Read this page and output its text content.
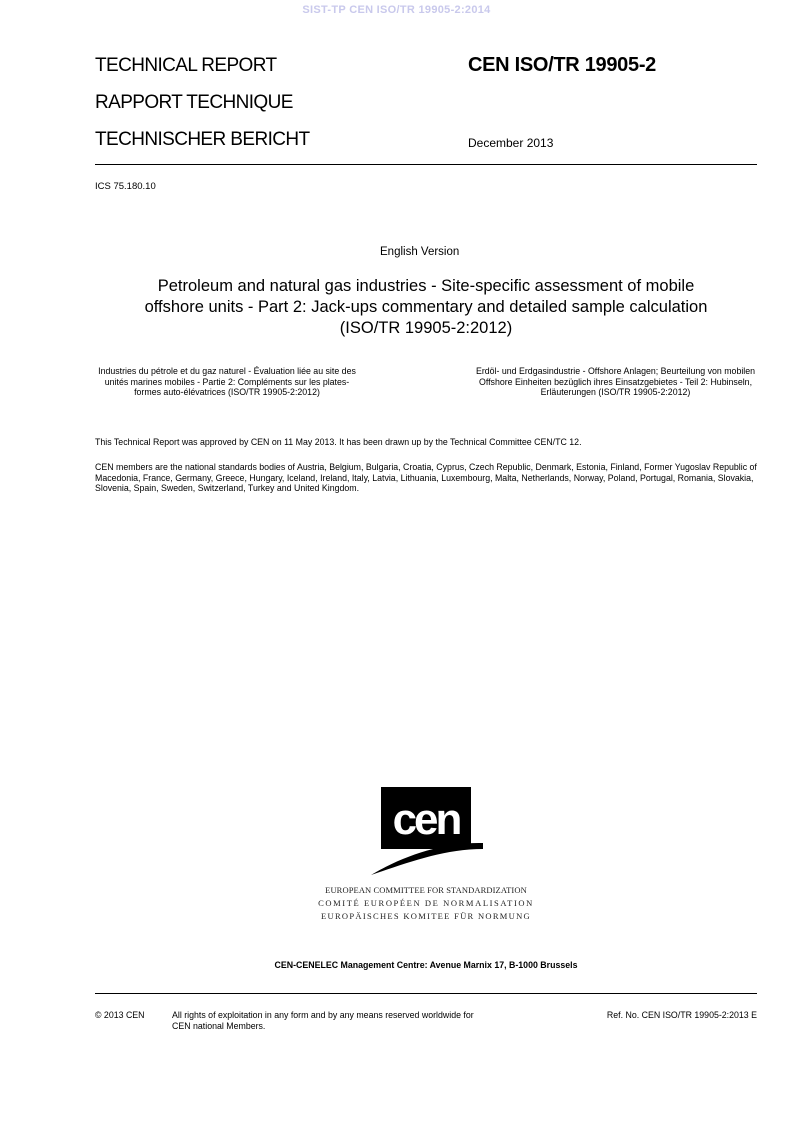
SIST-TP CEN ISO/TR 19905-2:2014
TECHNICAL REPORT
RAPPORT TECHNIQUE
TECHNISCHER BERICHT
CEN ISO/TR 19905-2
December 2013
ICS 75.180.10
English Version
Petroleum and natural gas industries - Site-specific assessment of mobile offshore units - Part 2: Jack-ups commentary and detailed sample calculation (ISO/TR 19905-2:2012)
Industries du pétrole et du gaz naturel - Évaluation liée au site des unités marines mobiles - Partie 2: Compléments sur les plates-formes auto-élévatrices (ISO/TR 19905-2:2012)
Erdöl- und Erdgasindustrie - Offshore Anlagen; Beurteilung von mobilen Offshore Einheiten bezüglich ihres Einsatzgebietes - Teil 2: Hubinseln, Erläuterungen (ISO/TR 19905-2:2012)
This Technical Report was approved by CEN on 11 May 2013. It has been drawn up by the Technical Committee CEN/TC 12.
CEN members are the national standards bodies of Austria, Belgium, Bulgaria, Croatia, Cyprus, Czech Republic, Denmark, Estonia, Finland, Former Yugoslav Republic of Macedonia, France, Germany, Greece, Hungary, Iceland, Ireland, Italy, Latvia, Lithuania, Luxembourg, Malta, Netherlands, Norway, Poland, Portugal, Romania, Slovakia, Slovenia, Spain, Sweden, Switzerland, Turkey and United Kingdom.
cen
EUROPEAN COMMITTEE FOR STANDARDIZATION
COMITÉ EUROPÉEN DE NORMALISATION
EUROPÄISCHES KOMITEE FÜR NORMUNG
CEN-CENELEC Management Centre: Avenue Marnix 17, B-1000 Brussels
© 2013 CEN	All rights of exploitation in any form and by any means reserved worldwide for CEN national Members.
Ref. No. CEN ISO/TR 19905-2:2013 E
